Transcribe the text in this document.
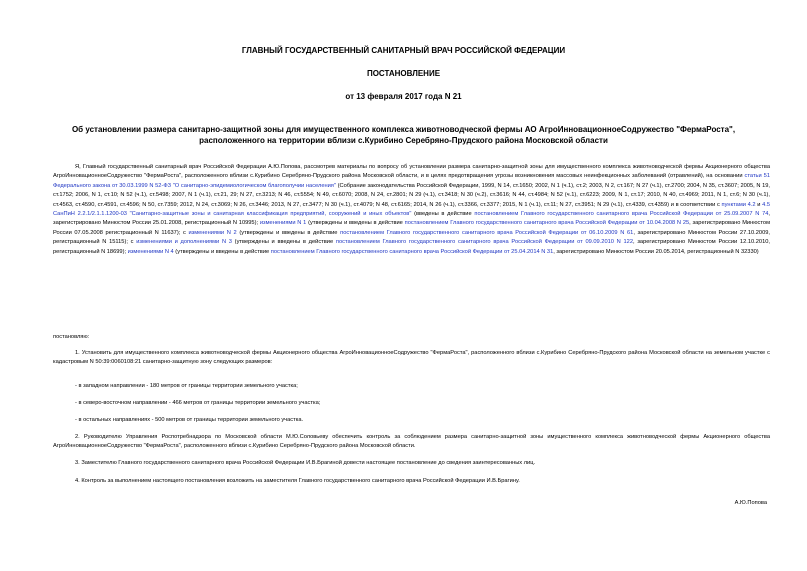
ГЛАВНЫЙ ГОСУДАРСТВЕННЫЙ САНИТАРНЫЙ ВРАЧ РОССИЙСКОЙ ФЕДЕРАЦИИ
ПОСТАНОВЛЕНИЕ
от 13 февраля 2017 года N 21
Об установлении размера санитарно-защитной зоны для имущественного комплекса животноводческой фермы АО АгроИнновационноеСодружество "ФермаРоста", расположенного на территории вблизи с.Курибино Серебряно-Прудского района Московской области

Я, Главный государственный санитарный врач Российской Федерации А.Ю.Попова, рассмотрев материалы по вопросу об установлении размера санитарно-защитной зоны для имущественного комплекса животноводческой фермы Акционерного общества АгроИнновационноеСодружество "ФермаРоста", расположенного вблизи с.Курибино Серебряно-Прудского района Московской области, и в целях предотвращения угрозы возникновения массовых неинфекционных заболеваний (отравлений), на основании статьи 51 Федерального закона от 30.03.1999 N 52-ФЗ "О санитарно-эпидемиологическом благополучии населения" (Собрание законодательства Российской Федерации, 1999, N 14, ст.1650; 2002, N 1 (ч.1), ст.2; 2003, N 2, ст.167; N 27 (ч.1), ст.2700; 2004, N 35, ст.3607; 2005, N 19, ст.1752; 2006, N 1, ст.10; N 52 (ч.1), ст.5498; 2007, N 1 (ч.1), ст.21, 29; N 27, ст.3213; N 46, ст.5554; N 49, ст.6070; 2008, N 24, ст.2801; N 29 (ч.1), ст.3418; N 30 (ч.2), ст.3616; N 44, ст.4984; N 52 (ч.1), ст.6223; 2009, N 1, ст.17; 2010, N 40, ст.4969; 2011, N 1, ст.6; N 30 (ч.1), ст.4563, ст.4590, ст.4591, ст.4596; N 50, ст.7359; 2012, N 24, ст.3069; N 26, ст.3446; 2013, N 27, ст.3477; N 30 (ч.1), ст.4079; N 48, ст.6165; 2014, N 26 (ч.1), ст.3366, ст.3377; 2015, N 1 (ч.1), ст.11; N 27, ст.3951; N 29 (ч.1), ст.4339, ст.4359) и в соответствии с пунктами 4.2 и 4.5 СанПиН 2.2.1/2.1.1.1200-03 "Санитарно-защитные зоны и санитарная классификация предприятий, сооружений и иных объектов" (введены в действие постановлением Главного государственного санитарного врача Российской Федерации от 25.09.2007 N 74, зарегистрировано Минюстом России 25.01.2008, регистрационный N 10995); изменениями N 1 (утверждены и введены в действие постановлением Главного государственного санитарного врача Российской Федерации от 10.04.2008 N 25, зарегистрировано Минюстом России 07.05.2008 регистрационный N 11637); с изменениями N 2 (утверждены и введены в действие постановлением Главного государственного санитарного врача Российской Федерации от 06.10.2009 N 61, зарегистрировано Минюстом России 27.10.2009, регистрационный N 15115); с изменениями и дополнениями N 3 (утверждены и введены в действие постановлением Главного государственного санитарного врача Российской Федерации от 09.09.2010 N 122, зарегистрировано Минюстом России 12.10.2010, регистрационный N 18699); изменениями N 4 (утверждены и введены в действие постановлением Главного государственного санитарного врача Российской Федерации от 25.04.2014 N 31, зарегистрировано Минюстом России 20.05.2014, регистрационный N 32330)

постановляю:

1. Установить для имущественного комплекса животноводческой фермы Акционерного общества АгроИнновационноеСодружество "ФермаРоста", расположенного вблизи с.Курибино Серебряно-Прудского района Московской области на земельном участке с кадастровым N 50:39:0060108:21 санитарно-защитную зону следующих размеров:

- в западном направлении - 180 метров от границы территории земельного участка;

- в северо-восточном направлении - 466 метров от границы территории земельного участка;

- в остальных направлениях - 500 метров от границы территории земельного участка.

2. Руководителю Управления Роспотребнадзора по Московской области М.Ю.Соловьеву обеспечить контроль за соблюдением размера санитарно-защитной зоны имущественного комплекса животноводческой фермы Акционерного общества АгроИнновационноеСодружество "ФермаРоста", расположенного вблизи с.Курибино Серебряно-Прудского района Московской области.

3. Заместителю Главного государственного санитарного врача Российской Федерации И.В.Брагиной довести настоящее постановление до сведения заинтересованных лиц.

4. Контроль за выполнением настоящего постановления возложить на заместителя Главного государственного санитарного врача Российской Федерации И.В.Брагину.

А.Ю.Попова
